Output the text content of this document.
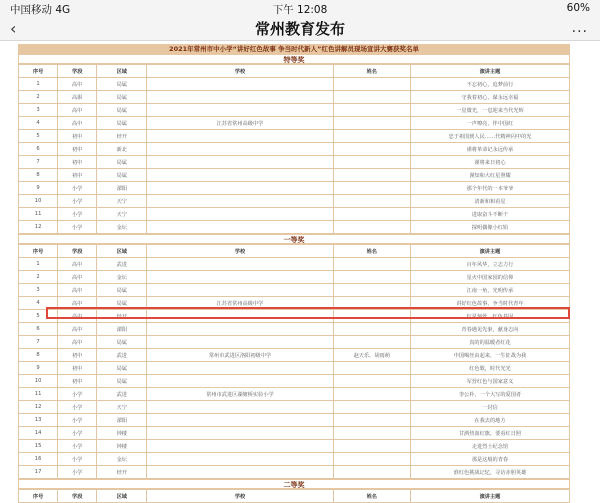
中国移动 4G	下午 12:08	60%
‹	常州教育发布	...
2021年常州市中小学“讲好红色故事 争当时代新人”红色讲解员现场宣讲大赛获奖名单
特等奖
序号	学段	区域	学校	姓名	演讲主题
1	高中	局属			不忘初心，追梦前行
2	高职	局属			守我着初心，谋永远幸福
3	高中	局属			一星微光，一息迎来当代光辉
4	高中	局属	江苏省常州高级中学		一声嘹亮，伴中国红
5	初中	经开			忠于祖国到人民……代精神闪中的光
6	初中	新北			谨将革命记永远传承
7	初中	局属			谨将来日初心
8	初中	局属			谨知和大红星照耀
9	小学	溧阳			那个年代的一本爷爷
10	小学	天宁			清新和和看星
11	小学	天宁			进取奋斗不断干
12	小学	金坛			探明偶像小红铅
一等奖
序号	学段	区域	学校	姓名	演讲主题
1	高中	武进			百年风华，立志力行
2	高中	金坛			星火中国家园的信仰
3	高中	局属			江南一角，光明传承
4	高中	局属	江苏省常州高级中学		讲好红色故事，争当时代青年
5	高中	经开			红星刻骨，红色基因
6	高中	溧阳			青春遇见先驱，献身志向
7	高中	局属			真的的温暖者红花
8	初中	武进	常州市武进区洛阳初级中学	赵天乐、胡雨萌	中国喝丝由起来，一生征战为我
9	初中	局属			红色歌，时代光光
10	初中	局属			军营红色与国家意义
11	小学	武进	常州市武进区湖塘桥实验小学		李公朴，一个大写的爱国者
12	小学	天宁			一封信
13	小学	溧阳			在我去的地方
14	小学	钟楼			甘洒热血红旗，要看红日照
15	小学	钟楼			走进烈士纪念馆
16	小学	金坛			那是这般的青春
17	小学	经开			谁红色挑战记忆，寻访赤胆英雄
二等奖
序号	学段	区域	学校	姓名	演讲主题
